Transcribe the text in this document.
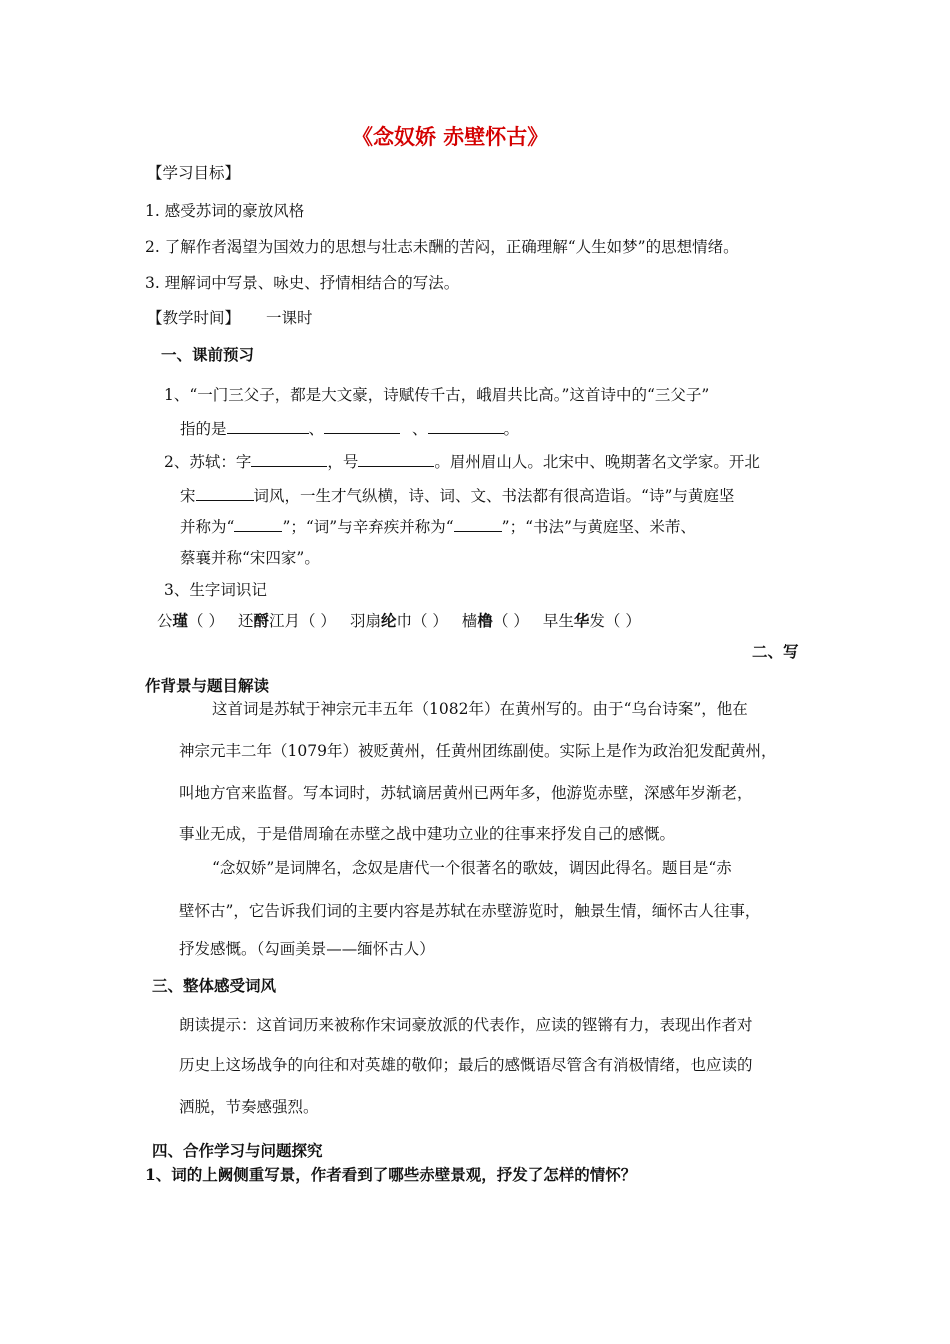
《念奴娇 赤壁怀古》
【学习目标】
1. 感受苏词的豪放风格
2. 了解作者渴望为国效力的思想与壮志未酬的苦闷，正确理解“人生如梦”的思想情绪。
3. 理解词中写景、咏史、抒情相结合的写法。
【教学时间】 一课时
一、课前预习
1、“一门三父子，都是大文豪，诗赋传千古，峨眉共比高。”这首诗中的“三父子”
指的是	、	、	。
2、苏轼：字	，号	。眉州眉山人。北宋中、晚期著名文学家。开北
宋	词风，一生才气纵横，诗、词、文、书法都有很高造诣。“诗”与黄庭坚
并称为“	”；“词”与辛弃疾并称为“	”；“书法”与黄庭坚、米芾、
蔡襄并称“宋四家”。
3、生字词识记
公瑾（ ） 还酹江月（ ） 羽扇纶巾（ ） 樯橹（ ） 早生华发（ ）
二、写
作背景与题目解读
这首词是苏轼于神宗元丰五年（1082年）在黄州写的。由于“乌台诗案”，他在
神宗元丰二年（1079年）被贬黄州，任黄州团练副使。实际上是作为政治犯发配黄州，
叫地方官来监督。写本词时，苏轼谪居黄州已两年多，他游览赤壁，深感年岁渐老，
事业无成，于是借周瑜在赤壁之战中建功立业的往事来抒发自己的感慨。
“念奴娇”是词牌名，念奴是唐代一个很著名的歌妓，调因此得名。题目是“赤
壁怀古”，它告诉我们词的主要内容是苏轼在赤壁游览时，触景生情，缅怀古人往事，
抒发感慨。（勾画美景——缅怀古人）
三、整体感受词风
朗读提示：这首词历来被称作宋词豪放派的代表作，应读的铿锵有力，表现出作者对
历史上这场战争的向往和对英雄的敬仰；最后的感慨语尽管含有消极情绪，也应读的
洒脱，节奏感强烈。
四、合作学习与问题探究
1、词的上阙侧重写景，作者看到了哪些赤壁景观，抒发了怎样的情怀？
